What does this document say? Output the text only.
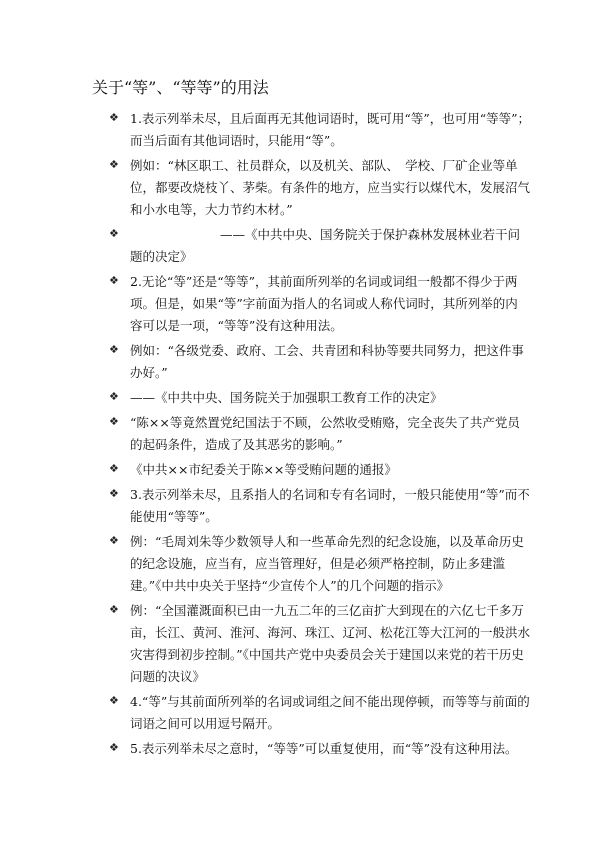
关于“等”、“等等”的用法
❖ 1.表示列举未尽，且后面再无其他词语时，既可用“等”，也可用“等等”；而当后面有其他词语时，只能用“等”。
❖ 例如：“林区职工、社员群众，以及机关、部队、　学校、厂矿企业等单位，都要改烧枝丫、茅柴。有条件的地方，应当实行以煤代木，发展沼气和小水电等，大力节约木材。”
❖	——《中共中央、国务院关于保护森林发展林业若干问题的决定》
❖ 2.无论“等”还是“等等”，其前面所列举的名词或词组一般都不得少于两项。但是，如果“等”字前面为指人的名词或人称代词时，其所列举的内容可以是一项，“等等”没有这种用法。
❖ 例如：“各级党委、政府、工会、共青团和科协等要共同努力，把这件事办好。”
❖ ——《中共中央、国务院关于加强职工教育工作的决定》
❖ “陈××等竟然置党纪国法于不顾，公然收受贿赂，完全丧失了共产党员的起码条件，造成了及其恶劣的影响。”
❖ 《中共××市纪委关于陈××等受贿问题的通报》
❖ 3.表示列举未尽，且系指人的名词和专有名词时，一般只能使用“等”而不能使用“等等”。
❖ 例：“毛周刘朱等少数领导人和一些革命先烈的纪念设施，以及革命历史的纪念设施，应当有，应当管理好，但是必须严格控制，防止多建滥建。”《中共中央关于坚持“少宣传个人”的几个问题的指示》
❖ 例：“全国灌溉面积已由一九五二年的三亿亩扩大到现在的六亿七千多万亩，长江、黄河、淮河、海河、珠江、辽河、松花江等大江河的一般洪水灾害得到初步控制。”《中国共产党中央委员会关于建国以来党的若干历史问题的决议》
❖ 4.“等”与其前面所列举的名词或词组之间不能出现停顿，而等等与前面的词语之间可以用逗号隔开。
❖ 5.表示列举未尽之意时，“等等”可以重复使用，而“等”没有这种用法。
